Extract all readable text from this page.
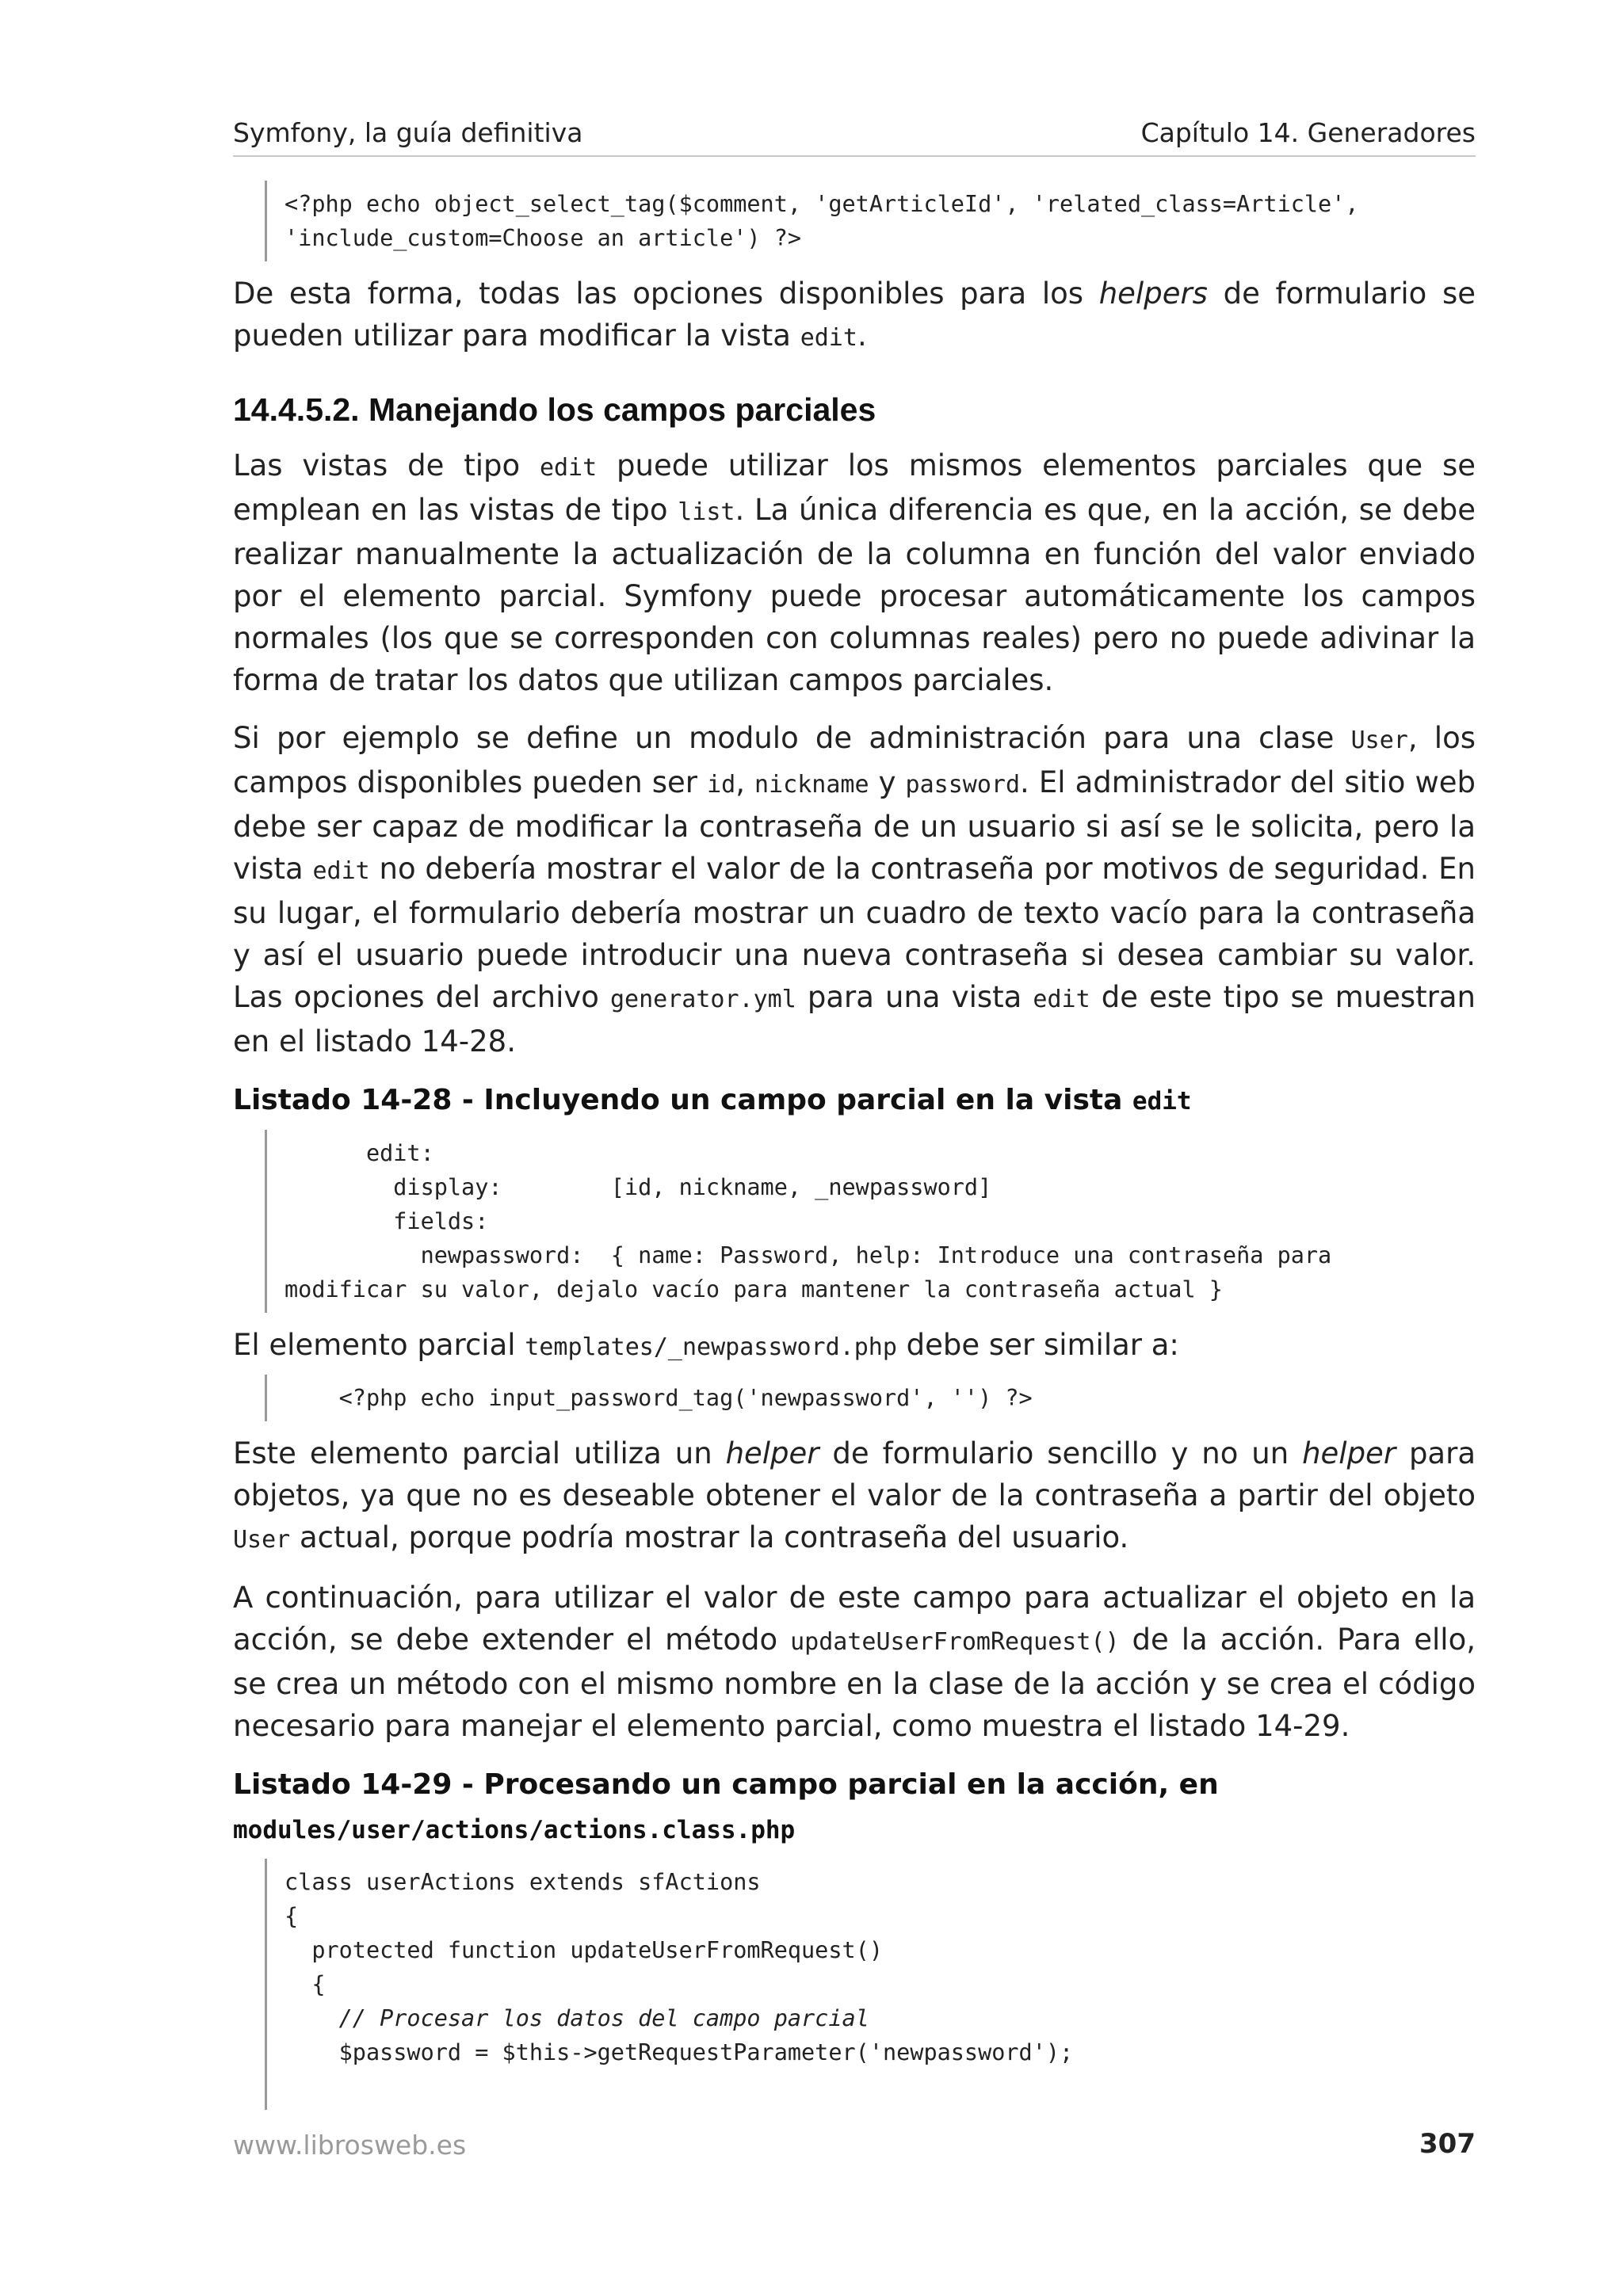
Symfony, la guía definitiva	Capítulo 14. Generadores
<?php echo object_select_tag($comment, 'getArticleId', 'related_class=Article',
'include_custom=Choose an article') ?>

De esta forma, todas las opciones disponibles para los helpers de formulario se pueden utilizar para modificar la vista edit.

14.4.5.2. Manejando los campos parciales

Las vistas de tipo edit puede utilizar los mismos elementos parciales que se emplean en las vistas de tipo list. La única diferencia es que, en la acción, se debe realizar manualmente la actualización de la columna en función del valor enviado por el elemento parcial. Symfony puede procesar automáticamente los campos normales (los que se corresponden con columnas reales) pero no puede adivinar la forma de tratar los datos que utilizan campos parciales.

Si por ejemplo se define un modulo de administración para una clase User, los campos disponibles pueden ser id, nickname y password. El administrador del sitio web debe ser capaz de modificar la contraseña de un usuario si así se le solicita, pero la vista edit no debería mostrar el valor de la contraseña por motivos de seguridad. En su lugar, el formulario debería mostrar un cuadro de texto vacío para la contraseña y así el usuario puede introducir una nueva contraseña si desea cambiar su valor. Las opciones del archivo generator.yml para una vista edit de este tipo se muestran en el listado 14-28.

Listado 14-28 - Incluyendo un campo parcial en la vista edit

edit:
display:        [id, nickname, _newpassword]
fields:
newpassword:  { name: Password, help: Introduce una contraseña para
modificar su valor, dejalo vacío para mantener la contraseña actual }

El elemento parcial templates/_newpassword.php debe ser similar a:

<?php echo input_password_tag('newpassword', '') ?>

Este elemento parcial utiliza un helper de formulario sencillo y no un helper para objetos, ya que no es deseable obtener el valor de la contraseña a partir del objeto User actual, porque podría mostrar la contraseña del usuario.

A continuación, para utilizar el valor de este campo para actualizar el objeto en la acción, se debe extender el método updateUserFromRequest() de la acción. Para ello, se crea un método con el mismo nombre en la clase de la acción y se crea el código necesario para manejar el elemento parcial, como muestra el listado 14-29.

Listado 14-29 - Procesando un campo parcial en la acción, en modules/user/actions/actions.class.php

class userActions extends sfActions
{
protected function updateUserFromRequest()
{
// Procesar los datos del campo parcial
$password = $this->getRequestParameter('newpassword');

www.librosweb.es	307
